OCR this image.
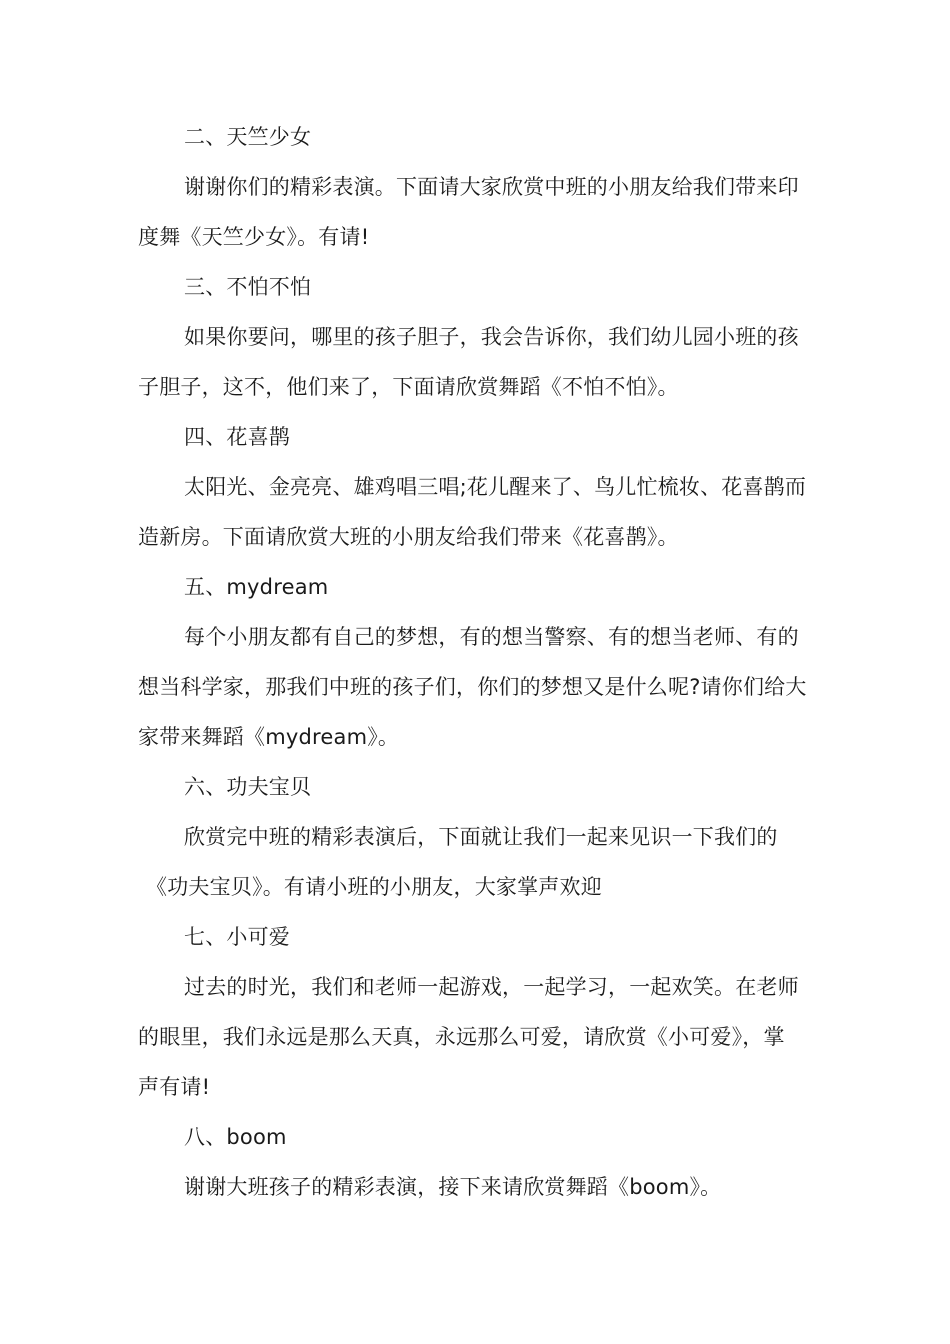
二、天竺少女
谢谢你们的精彩表演。下面请大家欣赏中班的小朋友给我们带来印
度舞《天竺少女》。有请!
三、不怕不怕
如果你要问，哪里的孩子胆子，我会告诉你，我们幼儿园小班的孩
子胆子，这不，他们来了，下面请欣赏舞蹈《不怕不怕》。
四、花喜鹊
太阳光、金亮亮、雄鸡唱三唱;花儿醒来了、鸟儿忙梳妆、花喜鹊而
造新房。下面请欣赏大班的小朋友给我们带来《花喜鹊》。
五、mydream
每个小朋友都有自己的梦想，有的想当警察、有的想当老师、有的
想当科学家，那我们中班的孩子们，你们的梦想又是什么呢?请你们给大
家带来舞蹈《mydream》。
六、功夫宝贝
欣赏完中班的精彩表演后，下面就让我们一起来见识一下我们的
《功夫宝贝》。有请小班的小朋友，大家掌声欢迎
七、小可爱
过去的时光，我们和老师一起游戏，一起学习，一起欢笑。在老师
的眼里，我们永远是那么天真，永远那么可爱，请欣赏《小可爱》，掌
声有请!
八、boom
谢谢大班孩子的精彩表演，接下来请欣赏舞蹈《boom》。
